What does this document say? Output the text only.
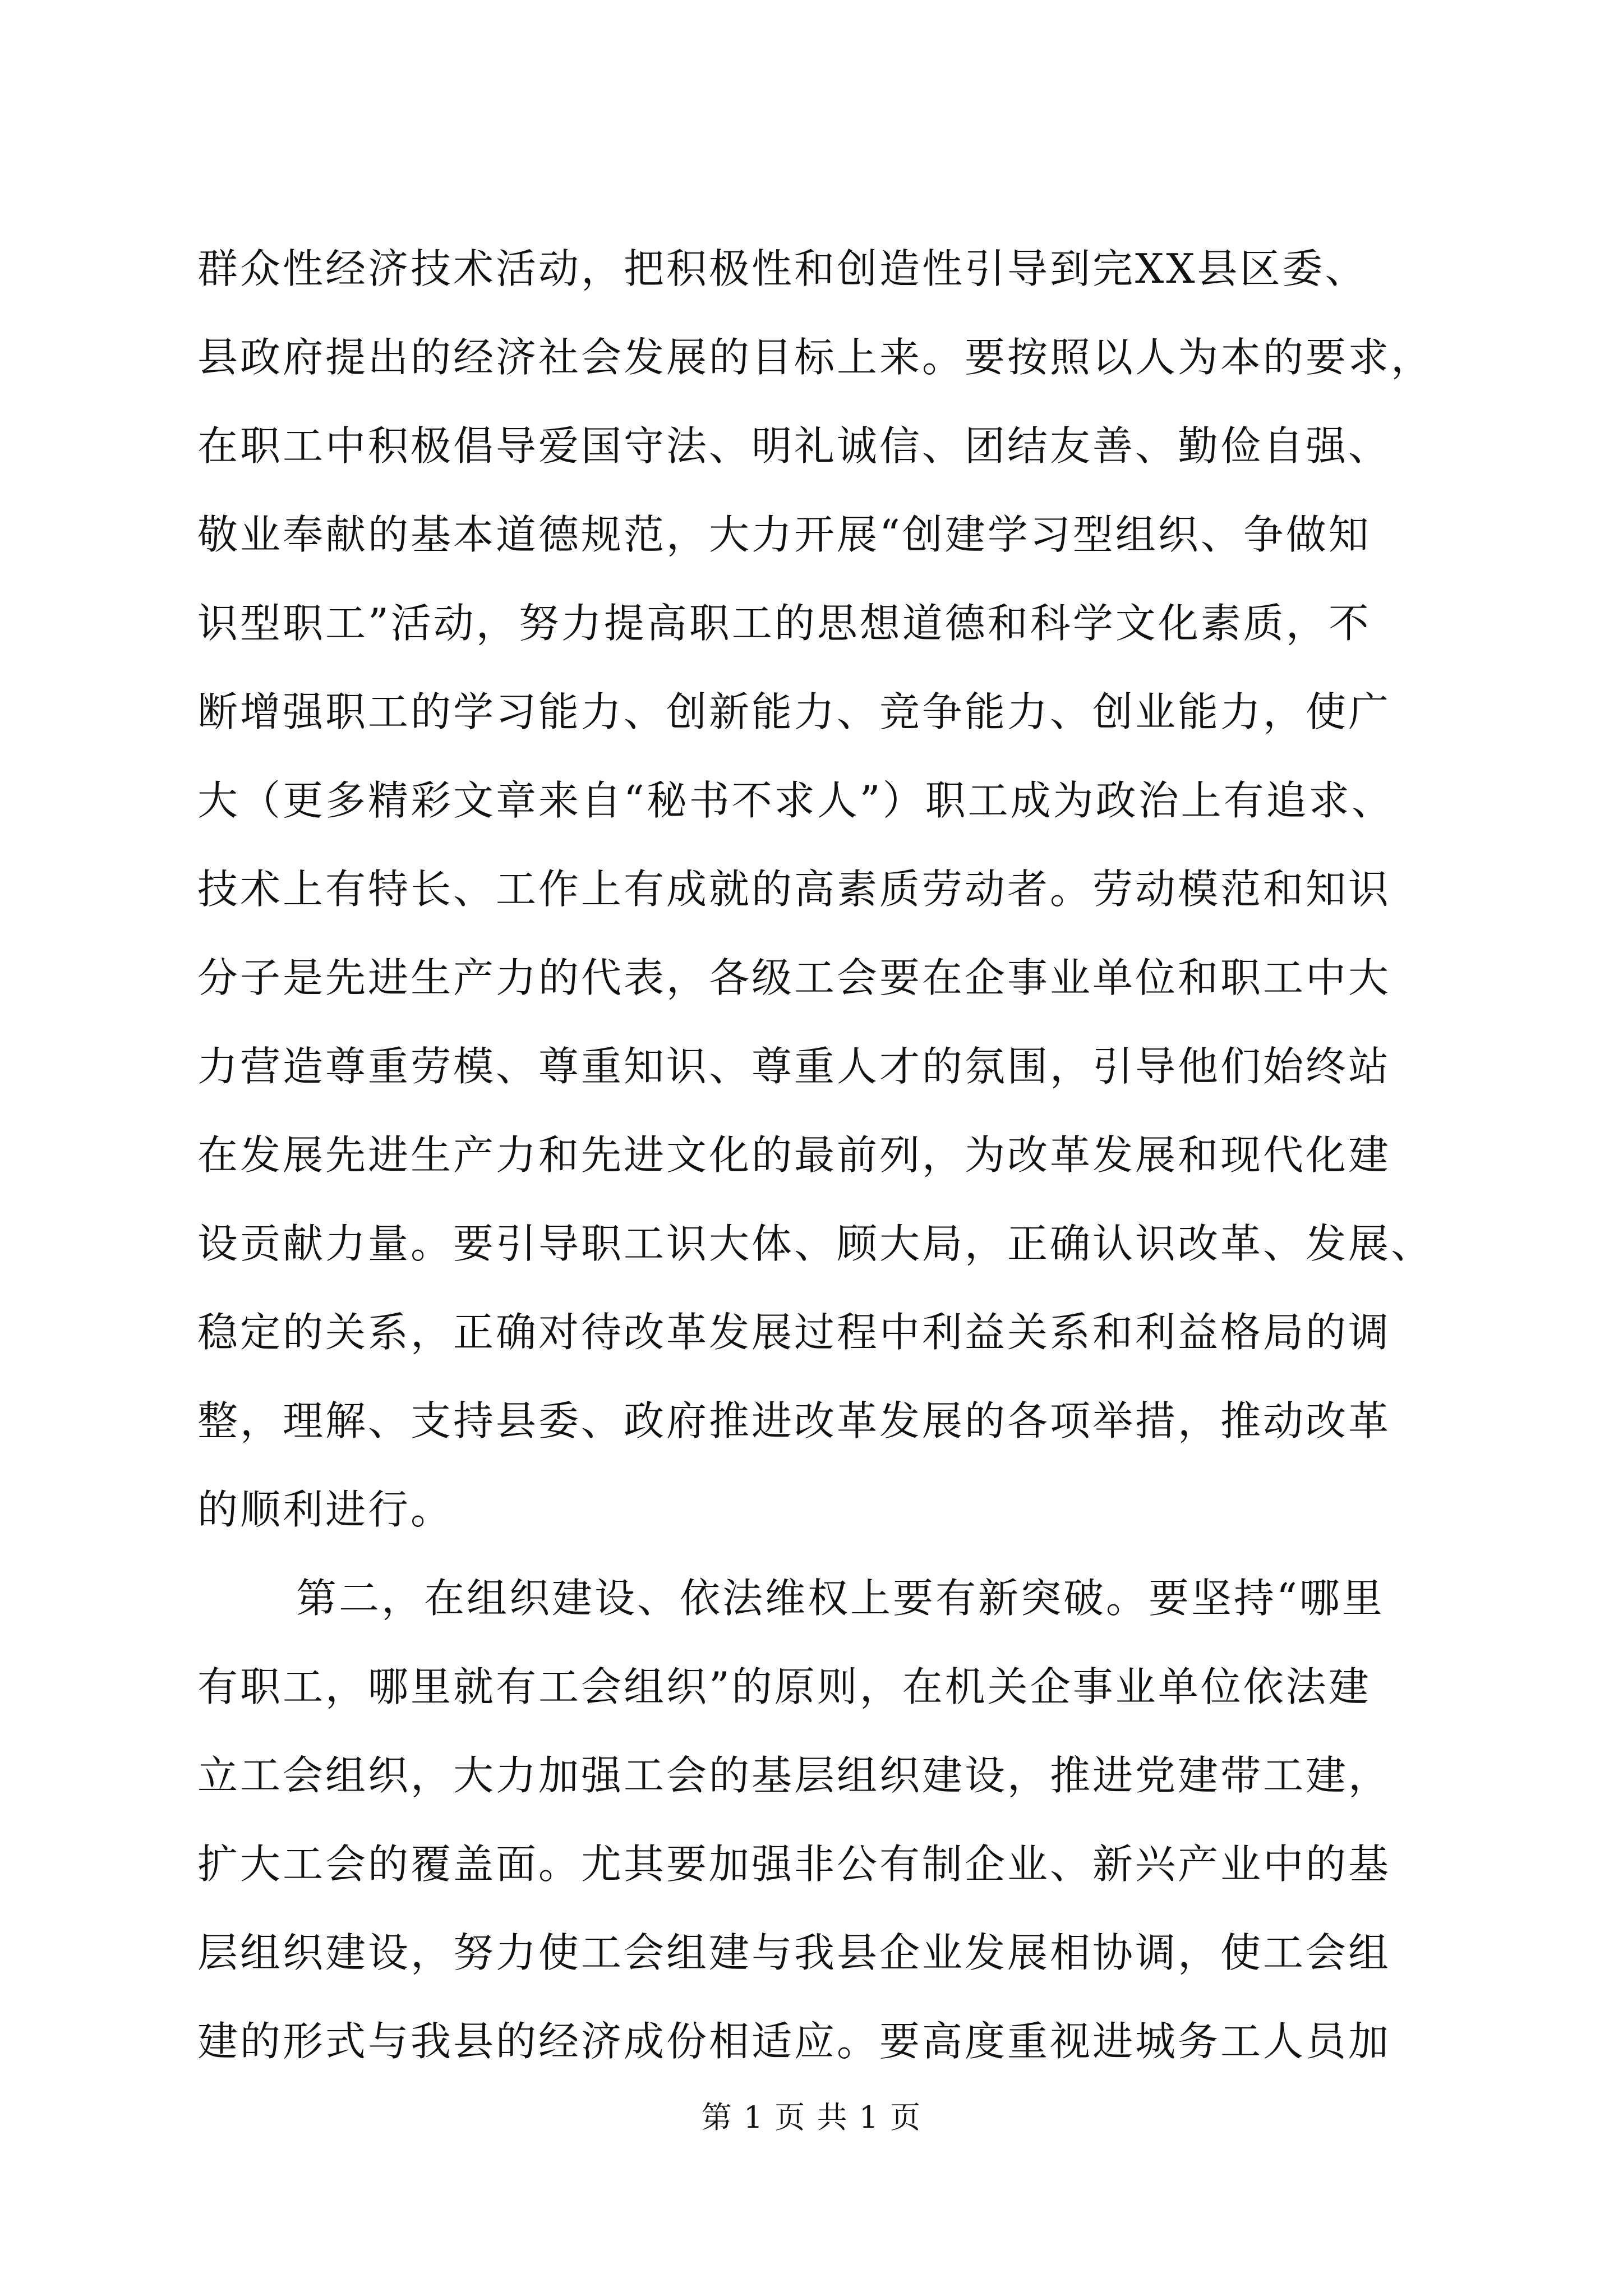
群众性经济技术活动，把积极性和创造性引导到完XX县区委、
县政府提出的经济社会发展的目标上来。要按照以人为本的要求，
在职工中积极倡导爱国守法、明礼诚信、团结友善、勤俭自强、
敬业奉献的基本道德规范，大力开展“创建学习型组织、争做知
识型职工”活动，努力提高职工的思想道德和科学文化素质，不
断增强职工的学习能力、创新能力、竞争能力、创业能力，使广
大（更多精彩文章来自“秘书不求人”）职工成为政治上有追求、
技术上有特长、工作上有成就的高素质劳动者。劳动模范和知识
分子是先进生产力的代表，各级工会要在企事业单位和职工中大
力营造尊重劳模、尊重知识、尊重人才的氛围，引导他们始终站
在发展先进生产力和先进文化的最前列，为改革发展和现代化建
设贡献力量。要引导职工识大体、顾大局，正确认识改革、发展、
稳定的关系，正确对待改革发展过程中利益关系和利益格局的调
整，理解、支持县委、政府推进改革发展的各项举措，推动改革
的顺利进行。
第二，在组织建设、依法维权上要有新突破。要坚持“哪里
有职工，哪里就有工会组织”的原则，在机关企事业单位依法建
立工会组织，大力加强工会的基层组织建设，推进党建带工建，
扩大工会的覆盖面。尤其要加强非公有制企业、新兴产业中的基
层组织建设，努力使工会组建与我县企业发展相协调，使工会组
建的形式与我县的经济成份相适应。要高度重视进城务工人员加
第 1 页 共 1 页
